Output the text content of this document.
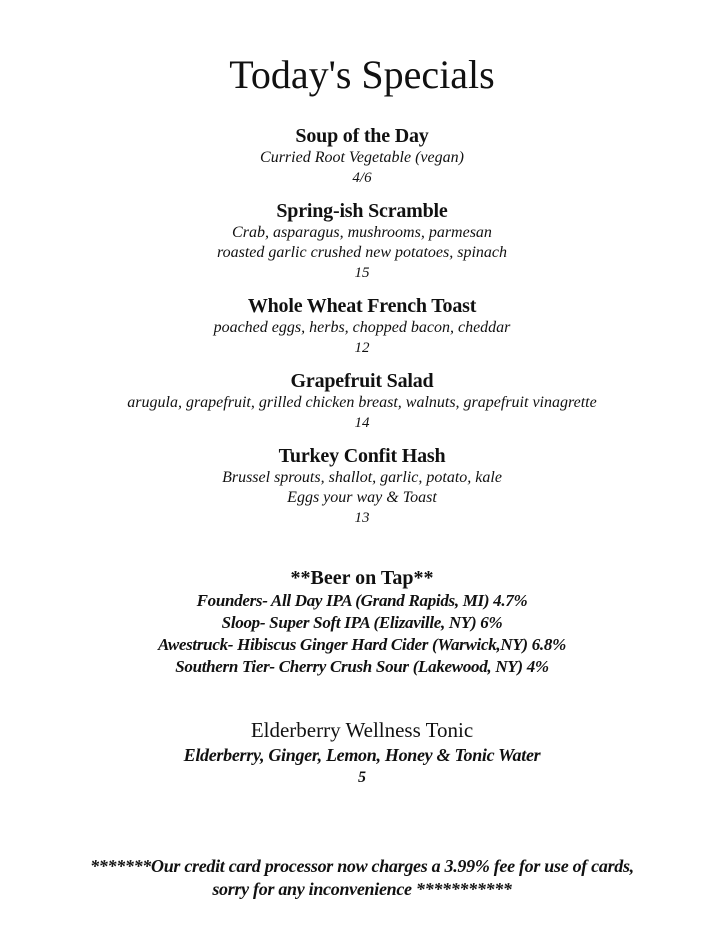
Today's Specials
Soup of the Day
Curried Root Vegetable (vegan)
4/6
Spring-ish Scramble
Crab, asparagus, mushrooms, parmesan
roasted garlic crushed new potatoes, spinach
15
Whole Wheat French Toast
poached eggs, herbs, chopped bacon, cheddar
12
Grapefruit Salad
arugula, grapefruit, grilled chicken breast, walnuts, grapefruit vinagrette
14
Turkey Confit Hash
Brussel sprouts, shallot, garlic, potato, kale
Eggs your way & Toast
13
**Beer on Tap**
Founders- All Day IPA (Grand Rapids, MI) 4.7%
Sloop- Super Soft IPA (Elizaville, NY) 6%
Awestruck- Hibiscus Ginger Hard Cider (Warwick,NY) 6.8%
Southern Tier- Cherry Crush Sour (Lakewood, NY) 4%
Elderberry Wellness Tonic
Elderberry, Ginger, Lemon, Honey & Tonic Water
5
*******Our credit card processor now charges a 3.99% fee for use of cards,
sorry for any inconvenience ***********
